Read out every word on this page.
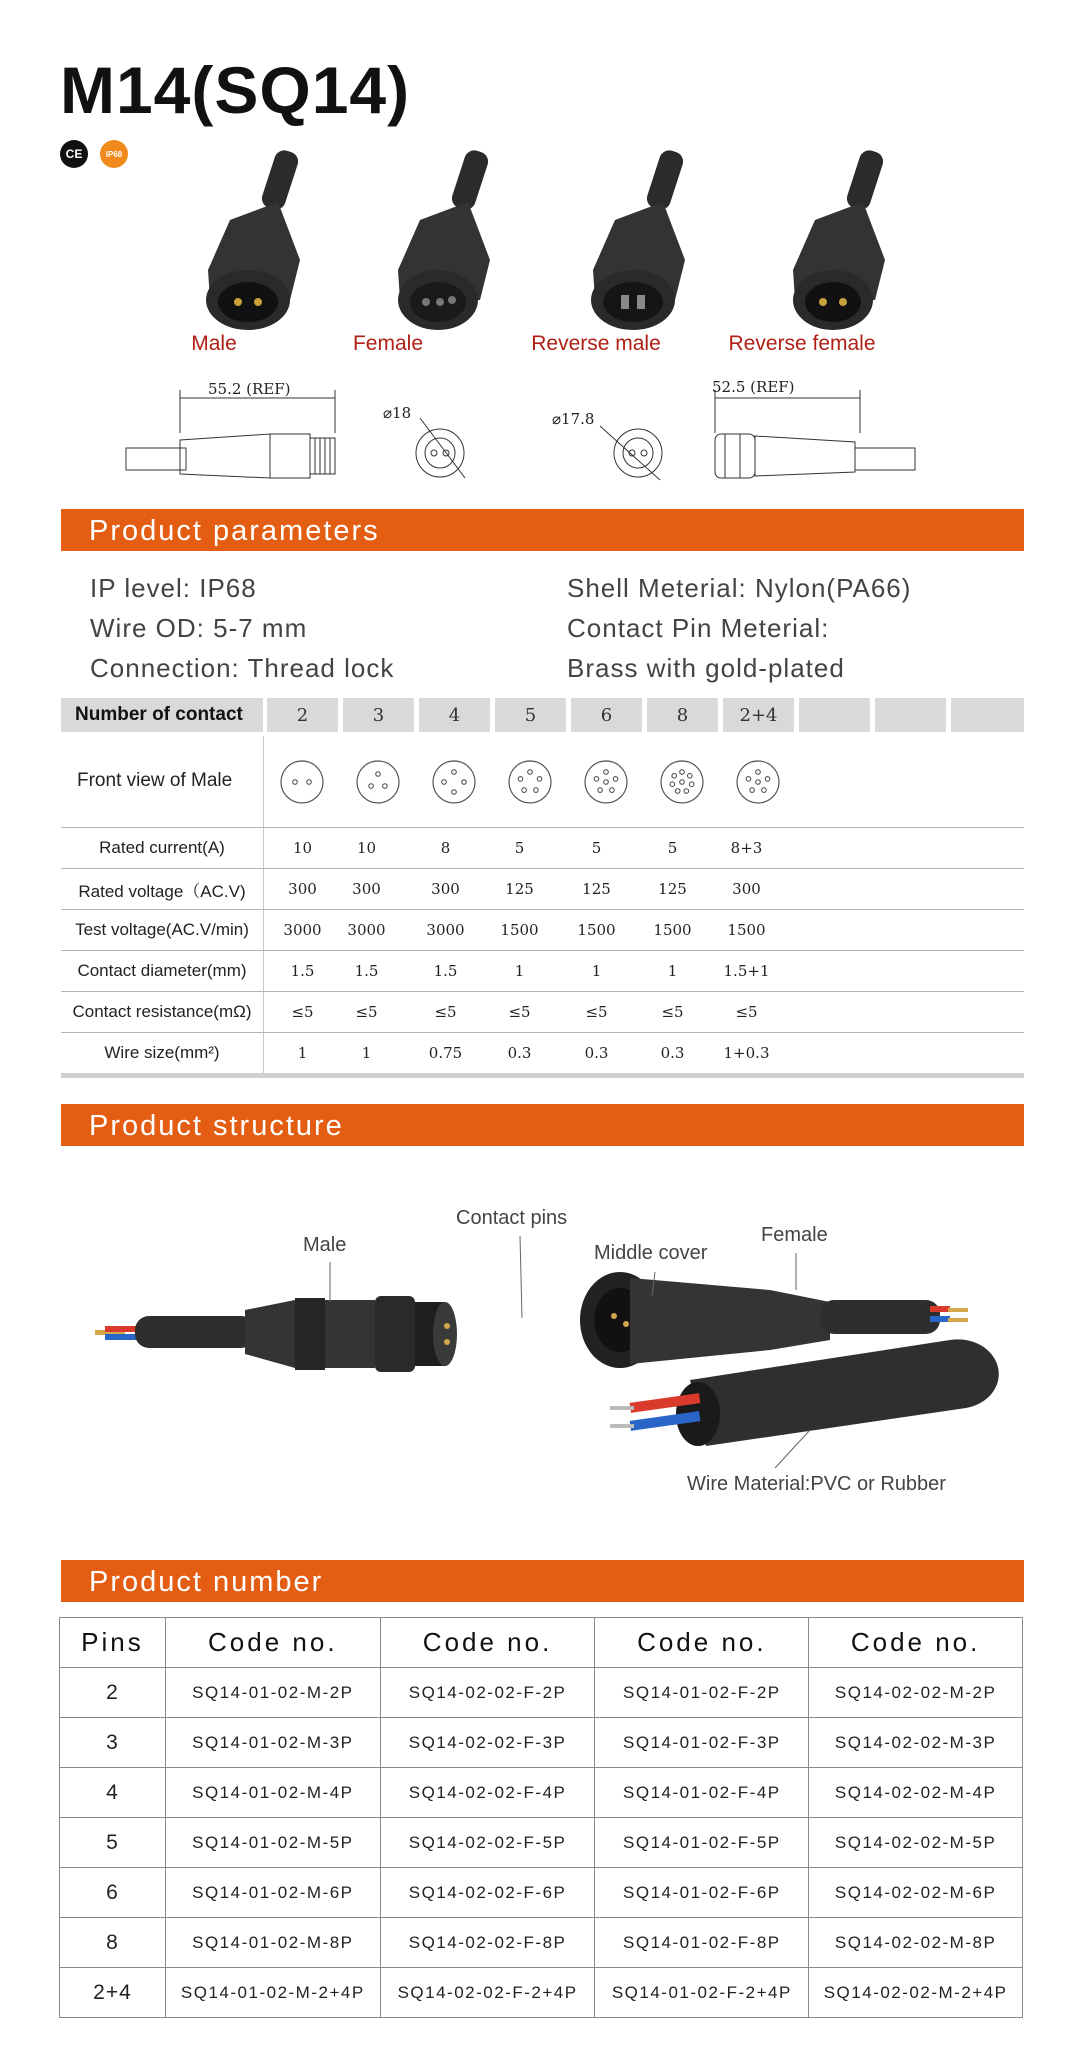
M14(SQ14)
CE	IP68
Male	Female	Reverse male	Reverse female
55.2 (REF)
⌀18	⌀17.8
52.5 (REF)
Product parameters
IP level: IP68
Wire OD: 5-7 mm
Connection: Thread lock
Shell Meterial: Nylon(PA66)
Contact Pin Meterial:
Brass with gold-plated
Number of contact	2	3	4	5	6	8	2+4
Front view of Male
Rated current(A)	10	10	8	5	5	5	8+3
Rated voltage（AC.V)	300	300	300	125	125	125	300
Test voltage(AC.V/min)	3000	3000	3000	1500	1500	1500	1500
Contact diameter(mm)	1.5	1.5	1.5	1	1	1	1.5+1
Contact resistance(mΩ)	≤5	≤5	≤5	≤5	≤5	≤5	≤5
Wire size(mm²)	1	1	0.75	0.3	0.3	0.3	1+0.3
Product structure
Male
Contact pins
Middle cover
Female
Wire Material:PVC or Rubber
Product number
Pins	Code no.	Code no.	Code no.	Code no.
2	SQ14-01-02-M-2P	SQ14-02-02-F-2P	SQ14-01-02-F-2P	SQ14-02-02-M-2P
3	SQ14-01-02-M-3P	SQ14-02-02-F-3P	SQ14-01-02-F-3P	SQ14-02-02-M-3P
4	SQ14-01-02-M-4P	SQ14-02-02-F-4P	SQ14-01-02-F-4P	SQ14-02-02-M-4P
5	SQ14-01-02-M-5P	SQ14-02-02-F-5P	SQ14-01-02-F-5P	SQ14-02-02-M-5P
6	SQ14-01-02-M-6P	SQ14-02-02-F-6P	SQ14-01-02-F-6P	SQ14-02-02-M-6P
8	SQ14-01-02-M-8P	SQ14-02-02-F-8P	SQ14-01-02-F-8P	SQ14-02-02-M-8P
2+4	SQ14-01-02-M-2+4P	SQ14-02-02-F-2+4P	SQ14-01-02-F-2+4P	SQ14-02-02-M-2+4P
